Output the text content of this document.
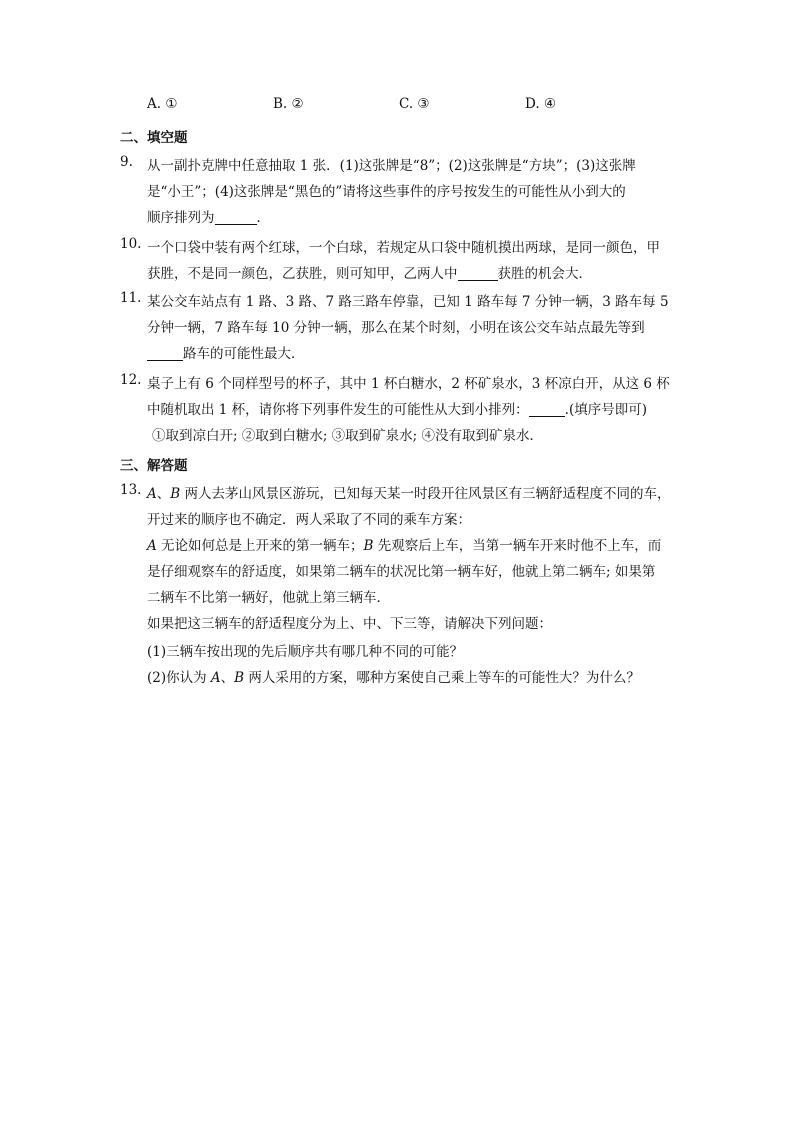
A. ①	B. ②	C. ③	D. ④
二、填空题
9. 从一副扑克牌中任意抽取 1 张．(1)这张牌是“8”；(2)这张牌是“方块”；(3)这张牌
是“小王”；(4)这张牌是“黑色的”请将这些事件的序号按发生的可能性从小到大的
顺序排列为	．
10. 一个口袋中装有两个红球，一个白球，若规定从口袋中随机摸出两球，是同一颜色，甲
获胜，不是同一颜色，乙获胜，则可知甲，乙两人中	获胜的机会大．
11. 某公交车站点有 1 路、3 路、7 路三路车停靠，已知 1 路车每 7 分钟一辆，3 路车每 5
分钟一辆，7 路车每 10 分钟一辆，那么在某个时刻，小明在该公交车站点最先等到
路车的可能性最大．
12. 桌子上有 6 个同样型号的杯子，其中 1 杯白糖水，2 杯矿泉水，3 杯凉白开，从这 6 杯
中随机取出 1 杯，请你将下列事件发生的可能性从大到小排列：	.(填序号即可)
①取到凉白开; ②取到白糖水; ③取到矿泉水; ④没有取到矿泉水．
三、解答题
13. A、B 两人去茅山风景区游玩，已知每天某一时段开往风景区有三辆舒适程度不同的车，
开过来的顺序也不确定．两人采取了不同的乘车方案：
A 无论如何总是上开来的第一辆车；B 先观察后上车，当第一辆车开来时他不上车，而
是仔细观察车的舒适度，如果第二辆车的状况比第一辆车好，他就上第二辆车; 如果第
二辆车不比第一辆好，他就上第三辆车．
如果把这三辆车的舒适程度分为上、中、下三等，请解决下列问题：
(1)三辆车按出现的先后顺序共有哪几种不同的可能？
(2)你认为 A、B 两人采用的方案，哪种方案使自己乘上等车的可能性大？为什么？
